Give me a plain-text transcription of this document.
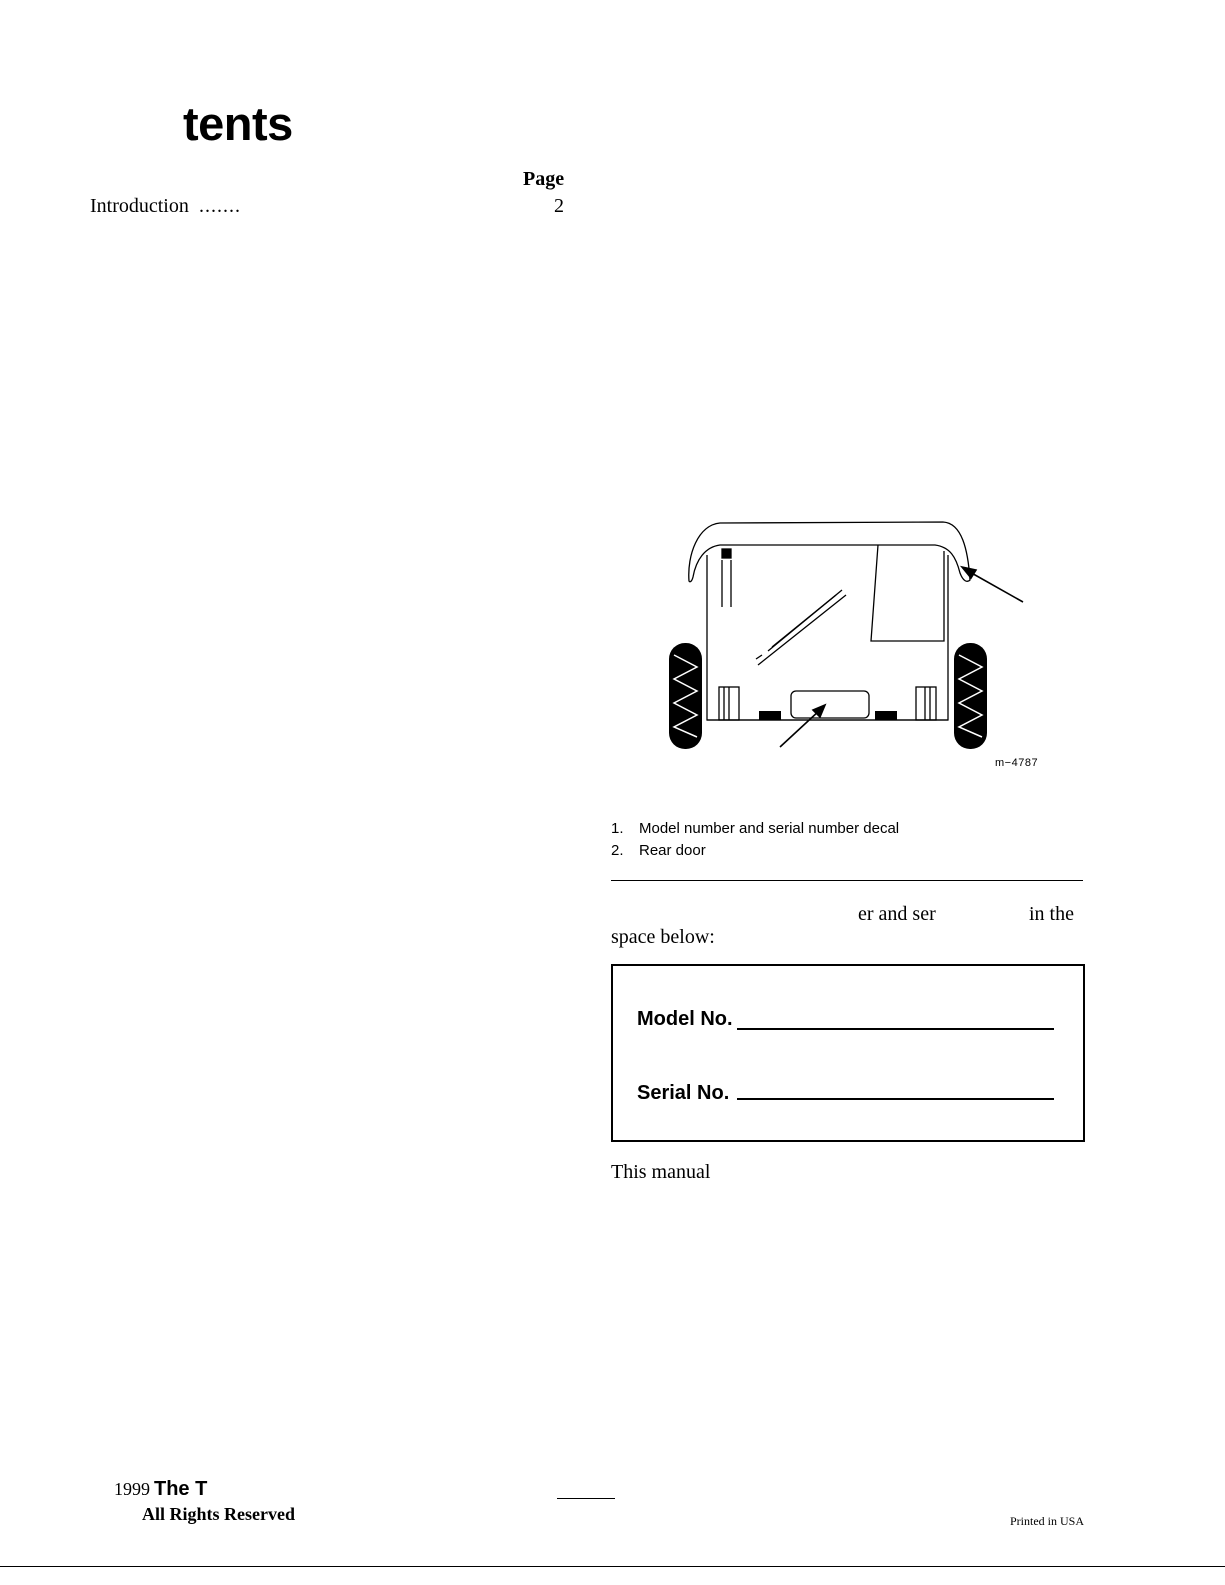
tents
Page
Introduction .......	2
m−4787
1. Model number and serial number decal
2. Rear door
er and ser	in the
space below:
Model No.
Serial No.
This manual
1999 The T
All Rights Reserved	Printed in USA
